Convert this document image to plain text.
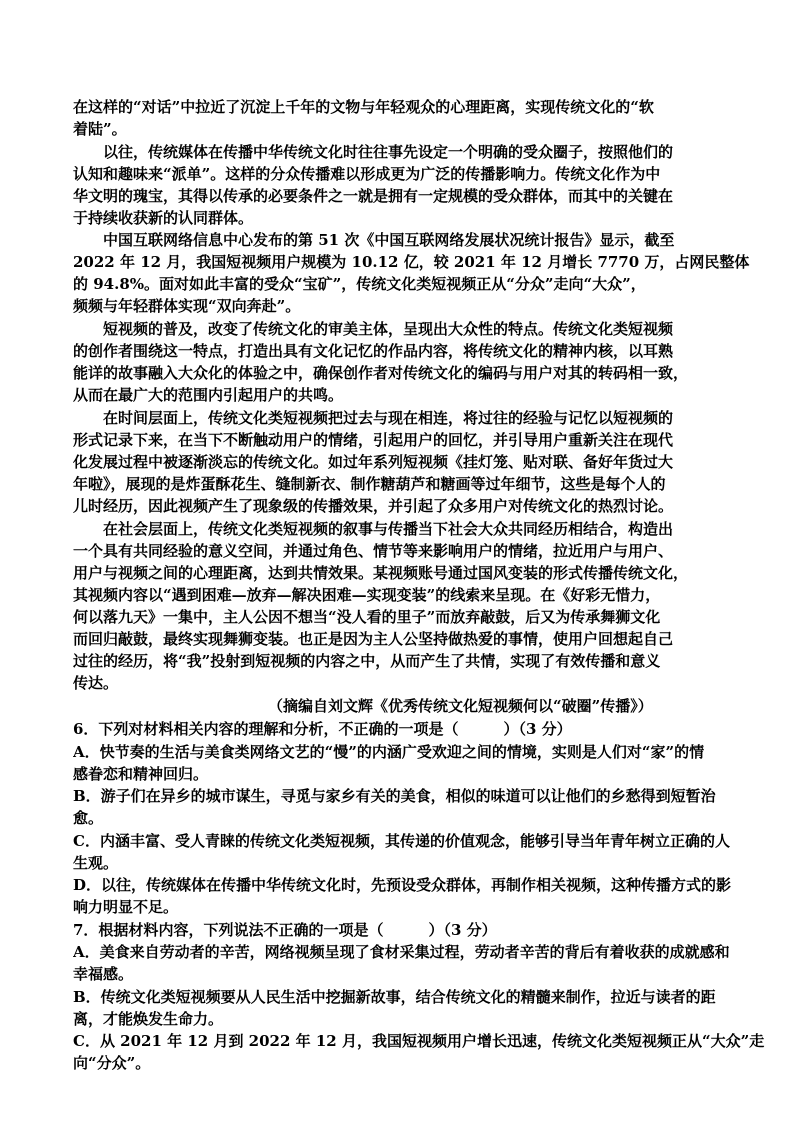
在这样的“对话”中拉近了沉淀上千年的文物与年轻观众的心理距离，实现传统文化的“软
着陆”。
以往，传统媒体在传播中华传统文化时往往事先设定一个明确的受众圈子，按照他们的
认知和趣味来“派单”。这样的分众传播难以形成更为广泛的传播影响力。传统文化作为中
华文明的瑰宝，其得以传承的必要条件之一就是拥有一定规模的受众群体，而其中的关键在
于持续收获新的认同群体。
中国互联网络信息中心发布的第 51 次《中国互联网络发展状况统计报告》显示，截至
2022 年 12 月，我国短视频用户规模为 10.12 亿，较 2021 年 12 月增长 7770 万，占网民整体
的 94.8%。面对如此丰富的受众“宝矿”，传统文化类短视频正从“分众”走向“大众”，
频频与年轻群体实现“双向奔赴”。
短视频的普及，改变了传统文化的审美主体，呈现出大众性的特点。传统文化类短视频
的创作者围绕这一特点，打造出具有文化记忆的作品内容，将传统文化的精神内核，以耳熟
能详的故事融入大众化的体验之中，确保创作者对传统文化的编码与用户对其的转码相一致，
从而在最广大的范围内引起用户的共鸣。
在时间层面上，传统文化类短视频把过去与现在相连，将过往的经验与记忆以短视频的
形式记录下来，在当下不断触动用户的情绪，引起用户的回忆，并引导用户重新关注在现代
化发展过程中被逐渐淡忘的传统文化。如过年系列短视频《挂灯笼、贴对联、备好年货过大
年啦》，展现的是炸蛋酥花生、缝制新衣、制作糖葫芦和糖画等过年细节，这些是每个人的
儿时经历，因此视频产生了现象级的传播效果，并引起了众多用户对传统文化的热烈讨论。
在社会层面上，传统文化类短视频的叙事与传播当下社会大众共同经历相结合，构造出
一个具有共同经验的意义空间，并通过角色、情节等来影响用户的情绪，拉近用户与用户、
用户与视频之间的心理距离，达到共情效果。某视频账号通过国风变装的形式传播传统文化，
其视频内容以“遇到困难—放弃—解决困难—实现变装”的线索来呈现。在《好彩无惜力，
何以落九天》一集中，主人公因不想当“没人看的里子”而放弃敲鼓，后又为传承舞狮文化
而回归敲鼓，最终实现舞狮变装。也正是因为主人公坚持做热爱的事情，使用户回想起自己
过往的经历，将“我”投射到短视频的内容之中，从而产生了共情，实现了有效传播和意义
传达。
（摘编自刘文辉《优秀传统文化短视频何以“破圈”传播》）
6．下列对材料相关内容的理解和分析，不正确的一项是（　　　）（3 分）
A．快节奏的生活与美食类网络文艺的“慢”的内涵广受欢迎之间的情境，实则是人们对“家”的情
感眷恋和精神回归。
B．游子们在异乡的城市谋生，寻觅与家乡有关的美食，相似的味道可以让他们的乡愁得到短暂治
愈。
C．内涵丰富、受人青睐的传统文化类短视频，其传递的价值观念，能够引导当年青年树立正确的人
生观。
D．以往，传统媒体在传播中华传统文化时，先预设受众群体，再制作相关视频，这种传播方式的影
响力明显不足。
7．根据材料内容，下列说法不正确的一项是（　　　）（3 分）
A．美食来自劳动者的辛苦，网络视频呈现了食材采集过程，劳动者辛苦的背后有着收获的成就感和
幸福感。
B．传统文化类短视频要从人民生活中挖掘新故事，结合传统文化的精髓来制作，拉近与读者的距
离，才能焕发生命力。
C．从 2021 年 12 月到 2022 年 12 月，我国短视频用户增长迅速，传统文化类短视频正从“大众”走
向“分众”。
